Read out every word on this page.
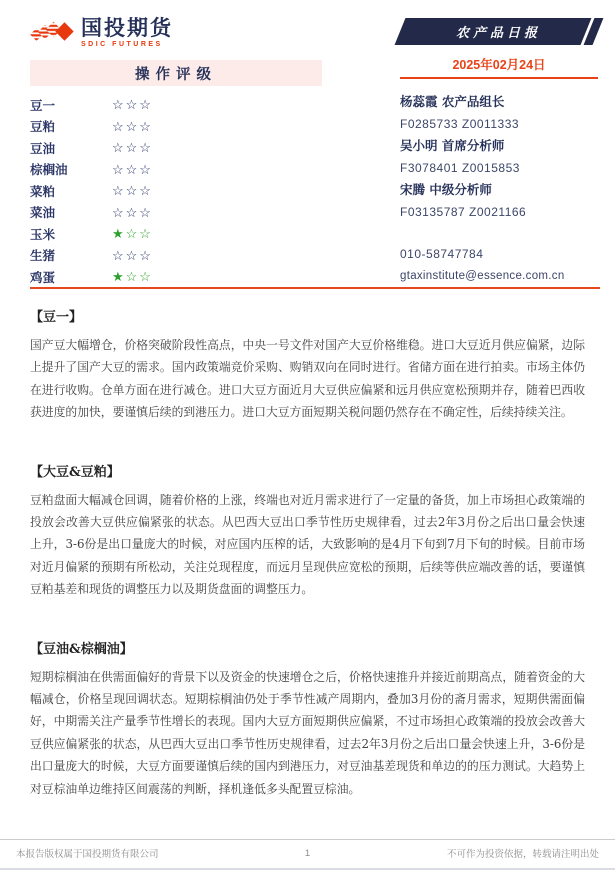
国投期货
SDIC FUTURES
操作评级
豆一	☆☆☆
豆粕	☆☆☆
豆油	☆☆☆
棕榈油	☆☆☆
菜粕	☆☆☆
菜油	☆☆☆
玉米	★☆☆
生猪	☆☆☆
鸡蛋	★☆☆
农产品日报
2025年02月24日
杨蕊霞 农产品组长
F0285733 Z0011333
吴小明 首席分析师
F3078401 Z0015853
宋腾 中级分析师
F03135787 Z0021166
010-58747784
gtaxinstitute@essence.com.cn
【豆一】
国产豆大幅增仓，价格突破阶段性高点，中央一号文件对国产大豆价格维稳。进口大豆近月供应偏紧，边际上提升了国产大豆的需求。国内政策端竞价采购、购销双向在同时进行。省储方面在进行拍卖。市场主体仍在进行收购。仓单方面在进行减仓。进口大豆方面近月大豆供应偏紧和远月供应宽松预期并存，随着巴西收获进度的加快，要谨慎后续的到港压力。进口大豆方面短期关税问题仍然存在不确定性，后续持续关注。
【大豆&豆粕】
豆粕盘面大幅减仓回调，随着价格的上涨，终端也对近月需求进行了一定量的备货，加上市场担心政策端的投放会改善大豆供应偏紧张的状态。从巴西大豆出口季节性历史规律看，过去2年3月份之后出口量会快速上升，3-6份是出口量庞大的时候，对应国内压榨的话，大致影响的是4月下旬到7月下旬的时候。目前市场对近月偏紧的预期有所松动，关注兑现程度，而远月呈现供应宽松的预期，后续等供应端改善的话，要谨慎豆粕基差和现货的调整压力以及期货盘面的调整压力。
【豆油&棕榈油】
短期棕榈油在供需面偏好的背景下以及资金的快速增仓之后，价格快速推升并接近前期高点，随着资金的大幅减仓，价格呈现回调状态。短期棕榈油仍处于季节性减产周期内，叠加3月份的斋月需求，短期供需面偏好，中期需关注产量季节性增长的表现。国内大豆方面短期供应偏紧，不过市场担心政策端的投放会改善大豆供应偏紧张的状态，从巴西大豆出口季节性历史规律看，过去2年3月份之后出口量会快速上升，3-6份是出口量庞大的时候，大豆方面要谨慎后续的国内到港压力，对豆油基差现货和单边的的压力测试。大趋势上对豆棕油单边维持区间震荡的判断，择机逢低多头配置豆棕油。
本报告版权属于国投期货有限公司	1	不可作为投资依据，转载请注明出处
